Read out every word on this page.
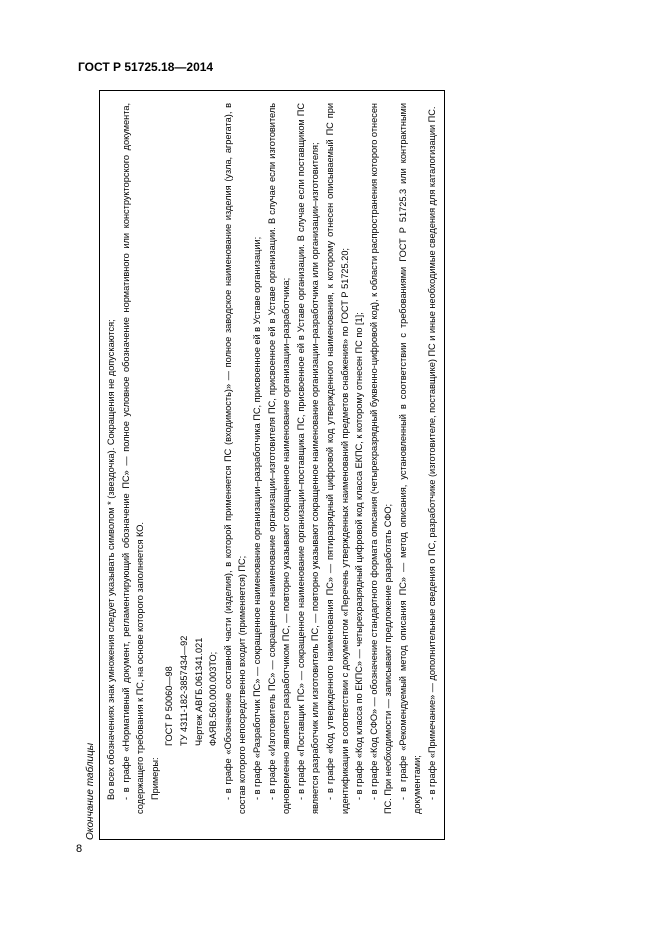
ГОСТ Р 51725.18—2014
Окончание таблицы Во всех обозначениях знак умножения следует указывать символом * (звездочка). Сокращения не допускаются; - в графе «Нормативный документ, регламентирующий обозначение ПС» — полное условное обозначение нормативного или конструкторского документа, содержащего требования к ПС, на основе которого заполняется КО. Примеры:

ГОСТ Р 50060—98 ТУ 4311-182-3857434—92 Чертеж АВГБ.061341.021 ФАЯВ.560.000.003ТО; - в графе «Обозначение составной части (изделия), в которой применяется ПС (входимость)» — полное заводское наименование изделия (узла, агрегата), в состав которого непосредственно входит (применяется) ПС; - в графе «Разработчик ПС» — сокращенное наименование организации–разработчика ПС, присвоенное ей в Уставе организации; - в графе «Изготовитель ПС» — сокращенное наименование организации–изготовителя ПС, присвоенное ей в Уставе организации. В случае если изготовитель одновременно является разработчиком ПС, — повторно указывают сокращенное наименование организации–разработчика; - в графе «Поставщик ПС» — сокращенное наименование организации–поставщика ПС, присвоенное ей в Уставе организации. В случае если поставщиком ПС является разработчик или изготовитель ПС, — повторно указывают сокращенное наименование организации–разработчика или организации–изготовителя; - в графе «Код утвержденного наименования ПС» — пятиразрядный цифровой код утвержденного наименования, к которому отнесен описываемый ПС при идентификации в соответствии с документом «Перечень утвержденных наименований предметов снабжения» по ГОСТ Р 51725.20; - в графе «Код класса по ЕКПС» — четырехразрядный цифровой код класса ЕКПС, к которому отнесен ПС по [1]; - в графе «Код СФО» — обозначение стандартного формата описания (четырехразрядный буквенно-цифровой код), к области распространения которого отнесен ПС. При необходимости — записывают предложение разработать СФО; - в графе «Рекомендуемый метод описания ПС» — метод описания, установленный в соответствии с требованиями ГОСТ Р 51725.3 или контрактными документами; - в графе «Примечание» — дополнительные сведения о ПС, разработчике (изготовителе, поставщике) ПС и иные необходимые сведения для каталогизации ПС.

8
